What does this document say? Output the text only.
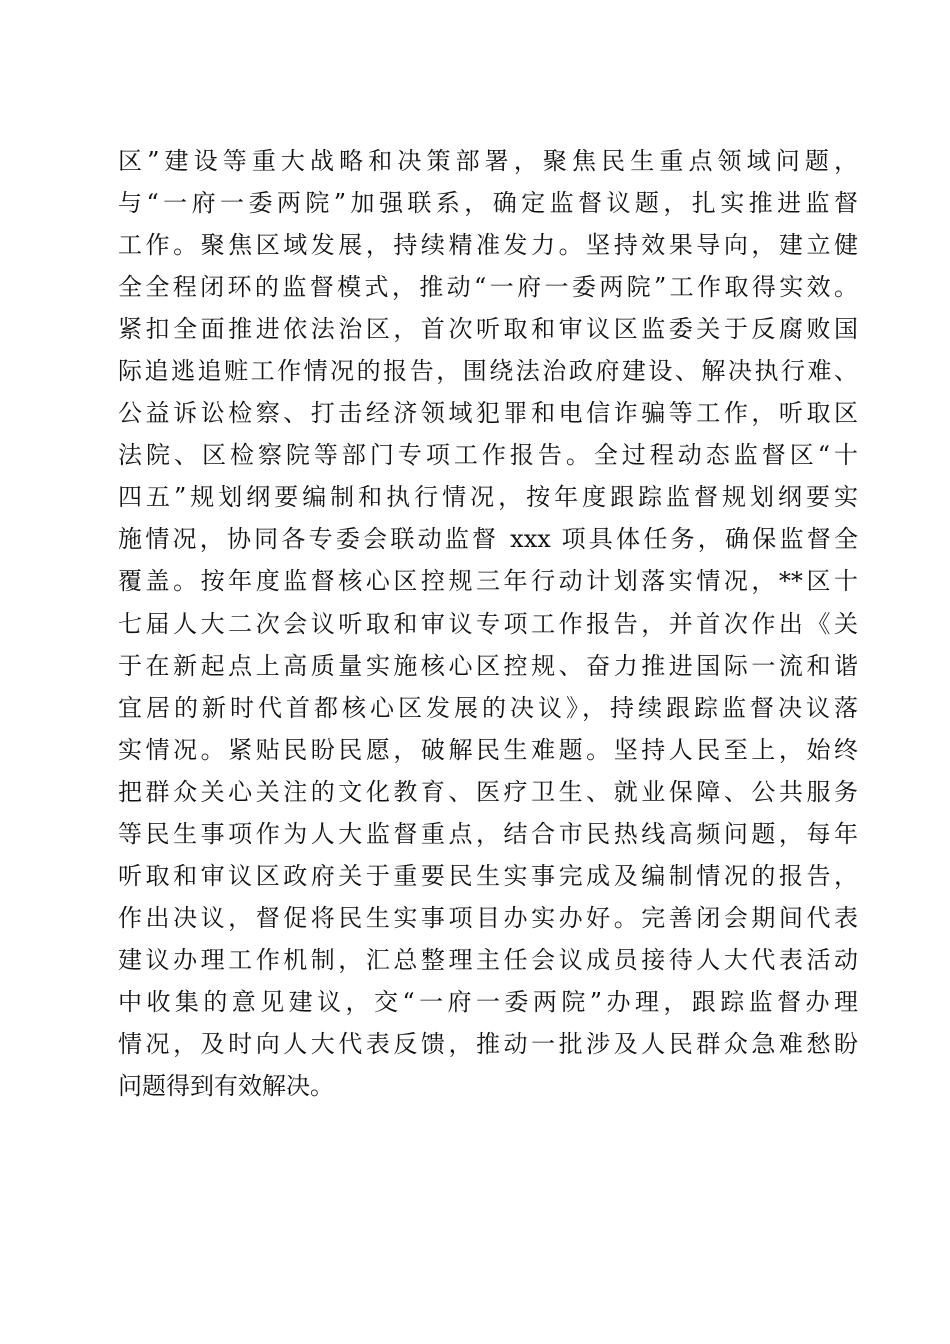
区”建设等重大战略和决策部署，聚焦民生重点领域问题，
与“一府一委两院”加强联系，确定监督议题，扎实推进监督
工作。聚焦区域发展，持续精准发力。坚持效果导向，建立健
全全程闭环的监督模式，推动“一府一委两院”工作取得实效。
紧扣全面推进依法治区，首次听取和审议区监委关于反腐败国
际追逃追赃工作情况的报告，围绕法治政府建设、解决执行难、
公益诉讼检察、打击经济领域犯罪和电信诈骗等工作，听取区
法院、区检察院等部门专项工作报告。全过程动态监督区“十
四五”规划纲要编制和执行情况，按年度跟踪监督规划纲要实
施情况，协同各专委会联动监督 xxx 项具体任务，确保监督全
覆盖。按年度监督核心区控规三年行动计划落实情况，**区十
七届人大二次会议听取和审议专项工作报告，并首次作出《关
于在新起点上高质量实施核心区控规、奋力推进国际一流和谐
宜居的新时代首都核心区发展的决议》，持续跟踪监督决议落
实情况。紧贴民盼民愿，破解民生难题。坚持人民至上，始终
把群众关心关注的文化教育、医疗卫生、就业保障、公共服务
等民生事项作为人大监督重点，结合市民热线高频问题，每年
听取和审议区政府关于重要民生实事完成及编制情况的报告，
作出决议，督促将民生实事项目办实办好。完善闭会期间代表
建议办理工作机制，汇总整理主任会议成员接待人大代表活动
中收集的意见建议，交“一府一委两院”办理，跟踪监督办理
情况，及时向人大代表反馈，推动一批涉及人民群众急难愁盼
问题得到有效解决。
